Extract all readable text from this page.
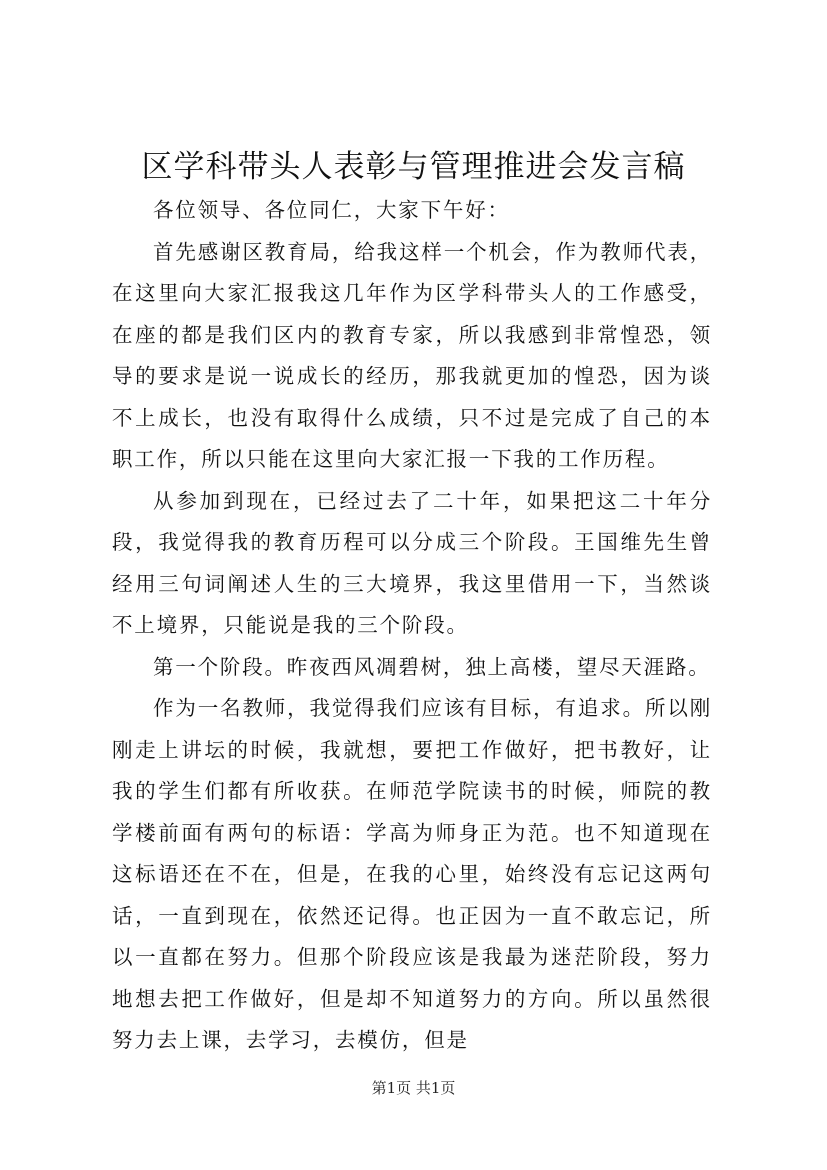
区学科带头人表彰与管理推进会发言稿

各位领导、各位同仁，大家下午好：

首先感谢区教育局，给我这样一个机会，作为教师代表，在这里向大家汇报我这几年作为区学科带头人的工作感受，在座的都是我们区内的教育专家，所以我感到非常惶恐，领导的要求是说一说成长的经历，那我就更加的惶恐，因为谈不上成长，也没有取得什么成绩，只不过是完成了自己的本职工作，所以只能在这里向大家汇报一下我的工作历程。

从参加到现在，已经过去了二十年，如果把这二十年分段，我觉得我的教育历程可以分成三个阶段。王国维先生曾经用三句词阐述人生的三大境界，我这里借用一下，当然谈不上境界，只能说是我的三个阶段。

第一个阶段。昨夜西风凋碧树，独上高楼，望尽天涯路。

作为一名教师，我觉得我们应该有目标，有追求。所以刚刚走上讲坛的时候，我就想，要把工作做好，把书教好，让我的学生们都有所收获。在师范学院读书的时候，师院的教学楼前面有两句的标语：学高为师身正为范。也不知道现在这标语还在不在，但是，在我的心里，始终没有忘记这两句话，一直到现在，依然还记得。也正因为一直不敢忘记，所以一直都在努力。但那个阶段应该是我最为迷茫阶段，努力地想去把工作做好，但是却不知道努力的方向。所以虽然很努力去上课，去学习，去模仿，但是

第1页 共1页
